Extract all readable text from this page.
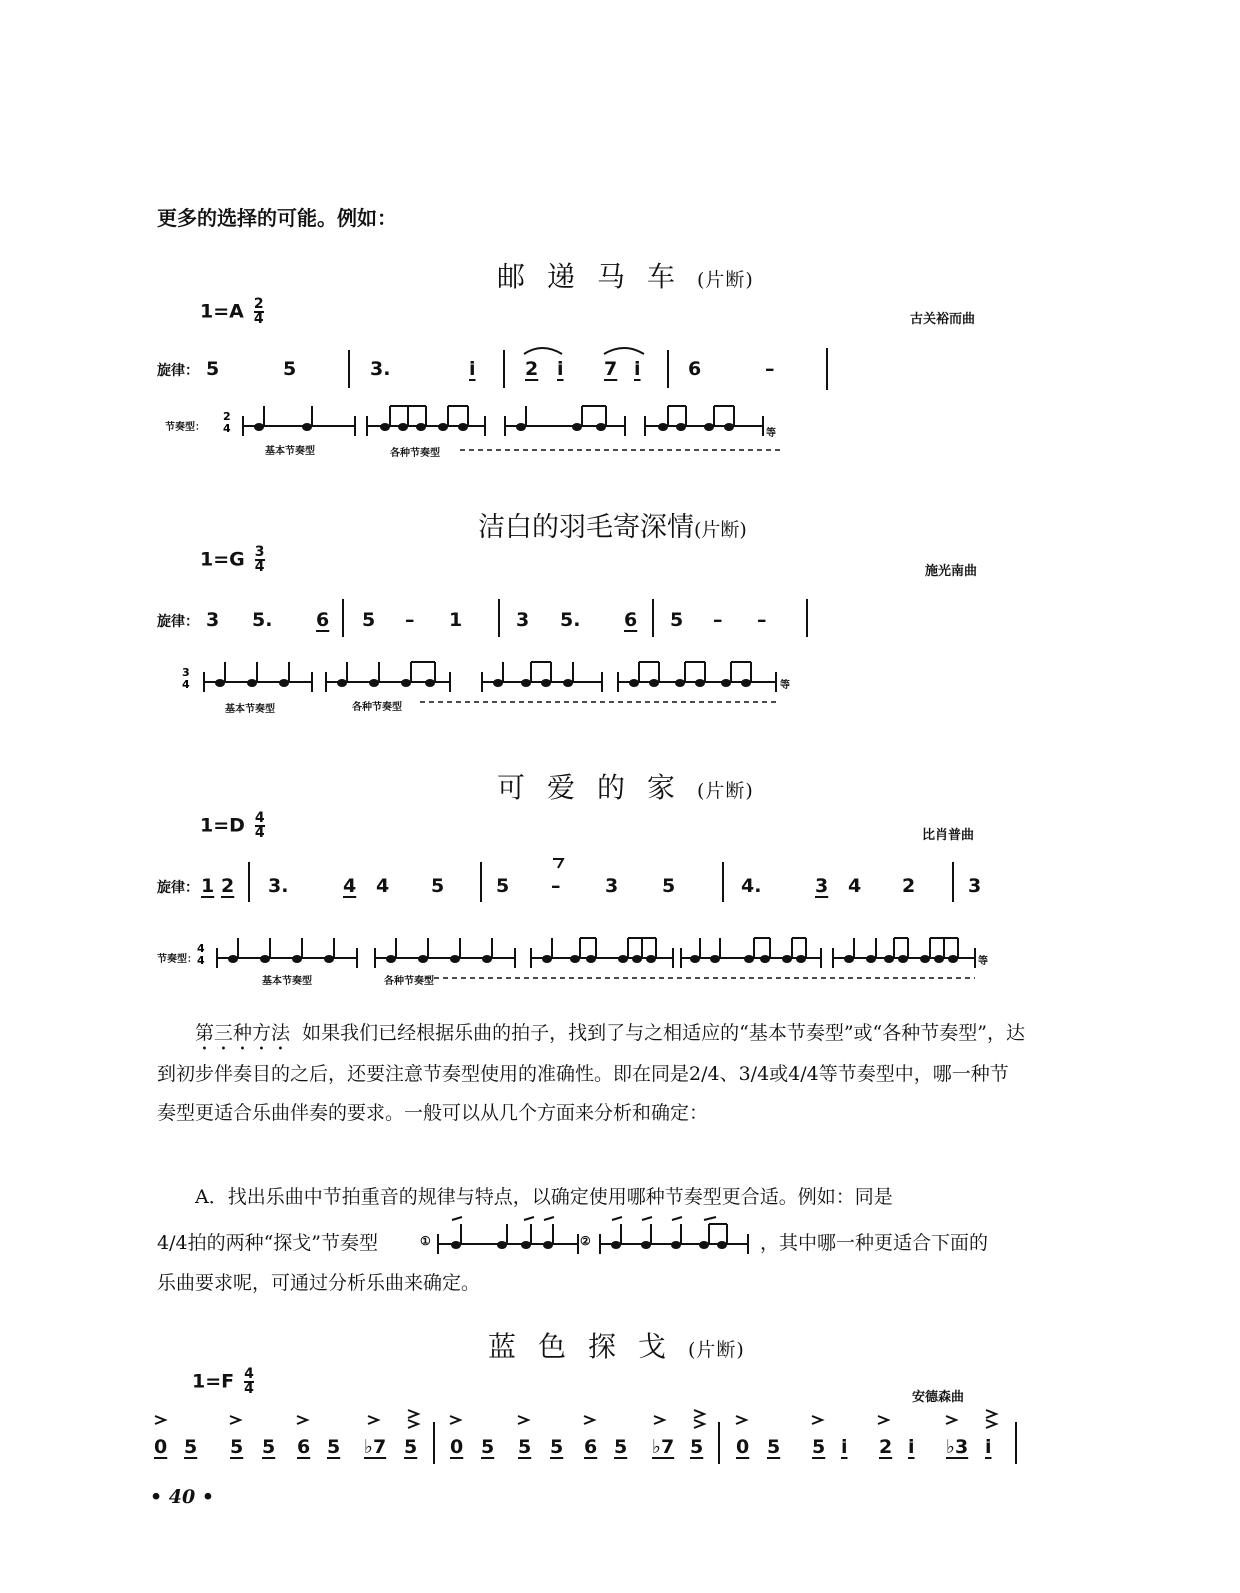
更多的选择的可能。例如：
邮递马车(片断)
$1=A \frac{2}{4}$	古关裕而曲
旋律： 5	5	3.	i	2 i 7 i 6	–
节奏型：
2
4
基本节奏型	各种节奏型
等
洁白的羽毛寄深情(片断)
$1=G \frac{3}{4}$	施光南曲
旋律： 3 5. 6 5 – 1	3 5. 6 5 – –
3
4
基本节奏型	各种节奏型
等
可爱的家(片断)
$1=D \frac{4}{4}$	比肖普曲
旋律： 1 2 3.	4 4 5	5 – 3 5	4.	3 4 2	3
节奏型：
4
4
基本节奏型	各种节奏型
等

第三种方法 如果我们已经根据乐曲的拍子，找到了与之相适应的“基本节奏型”或“各种节奏型”，达到初步伴奏目的之后，还要注意节奏型使用的准确性。即在同是2/4、3/4或4/4等节奏型中，哪一种节奏型更适合乐曲伴奏的要求。一般可以从几个方面来分析和确定：

A．找出乐曲中节拍重音的规律与特点，以确定使用哪种节奏型更合适。例如：同是

4/4拍的两种“探戈”节奏型	①	②	，其中哪一种更适合下面的
乐曲要求呢，可通过分析乐曲来确定。
蓝色探戈(片断)
$1=F \frac{4}{4}$
安德森曲
0 5 5 5 6 5 ♭7 5 0 5 5 5 6 5 ♭7 5 0 5 5 i 2 i ♭3 i
• 40 •
